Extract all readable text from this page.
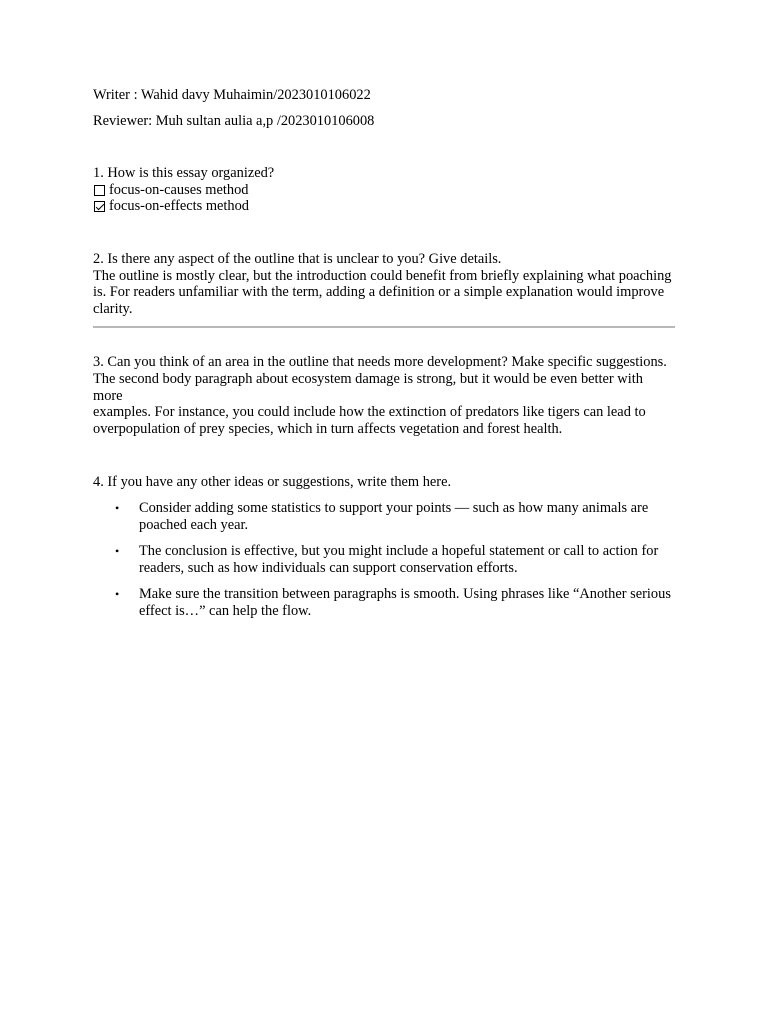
Writer : Wahid davy Muhaimin/2023010106022

Reviewer: Muh sultan aulia a,p /2023010106008

1. How is this essay organized?

focus-on-causes method

focus-on-effects method

2. Is there any aspect of the outline that is unclear to you? Give details.

The outline is mostly clear, but the introduction could benefit from briefly explaining what poaching

is. For readers unfamiliar with the term, adding a definition or a simple explanation would improve

clarity.

3. Can you think of an area in the outline that needs more development? Make specific suggestions.

The second body paragraph about ecosystem damage is strong, but it would be even better with more

examples. For instance, you could include how the extinction of predators like tigers can lead to

overpopulation of prey species, which in turn affects vegetation and forest health.

4. If you have any other ideas or suggestions, write them here.

• Consider adding some statistics to support your points — such as how many animals are
poached each year.
• The conclusion is effective, but you might include a hopeful statement or call to action for
readers, such as how individuals can support conservation efforts.
• Make sure the transition between paragraphs is smooth. Using phrases like “Another serious
effect is…” can help the flow.
